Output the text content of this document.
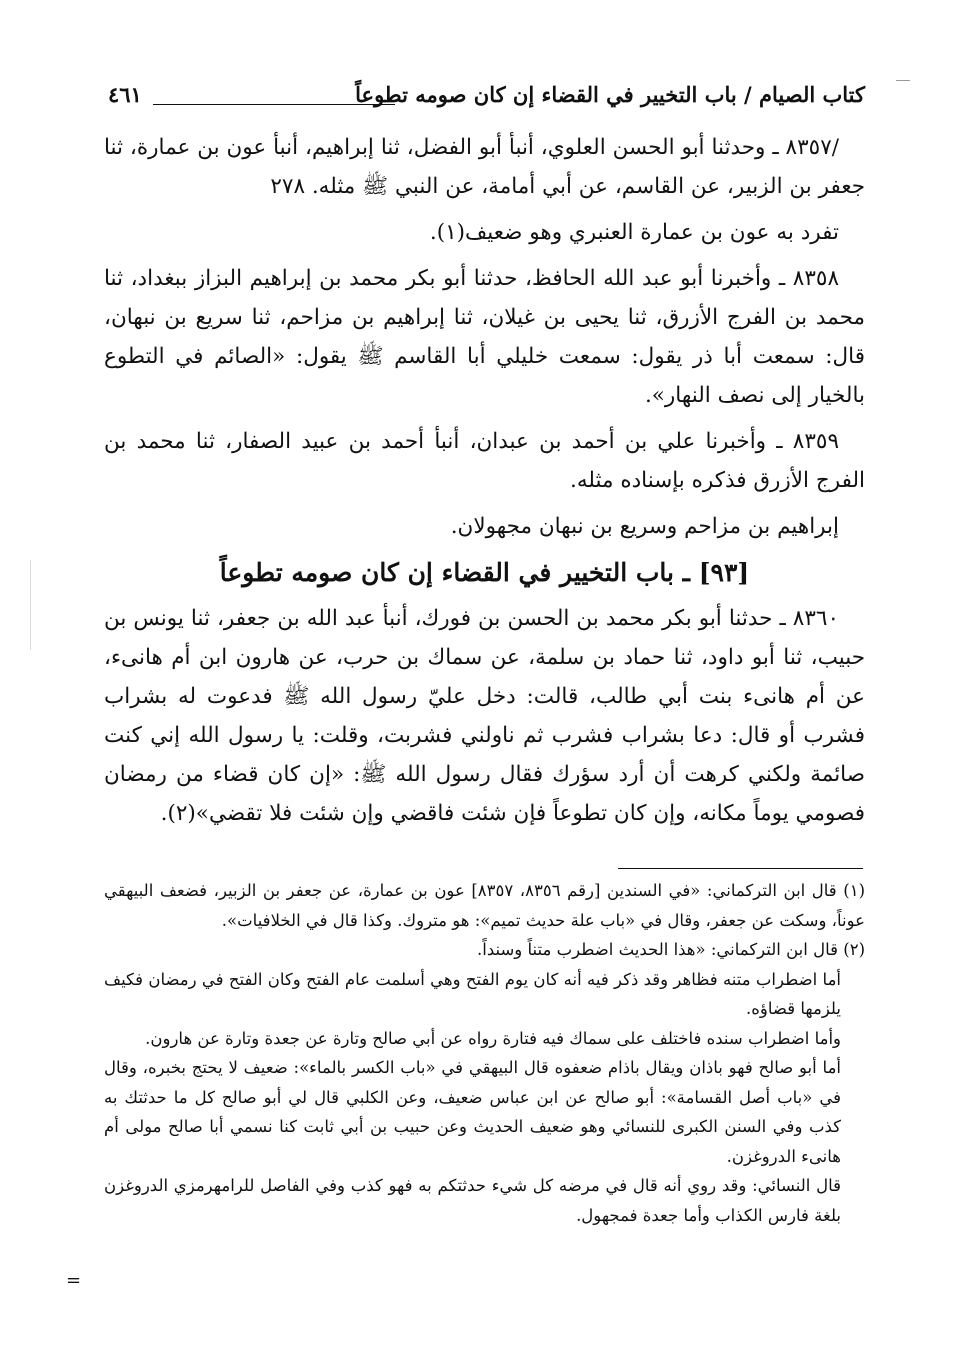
كتاب الصيام / باب التخيير في القضاء إن كان صومه تطوعاً
٤٦١

/٨٣٥٧ ـ وحدثنا أبو الحسن العلوي، أنبأ أبو الفضل، ثنا إبراهيم، أنبأ عون بن عمارة، ثنا جعفر بن الزبير، عن القاسم، عن أبي أمامة، عن النبي ﷺ مثله. ٢٧٨

تفرد به عون بن عمارة العنبري وهو ضعيف(١).

٨٣٥٨ ـ وأخبرنا أبو عبد الله الحافظ، حدثنا أبو بكر محمد بن إبراهيم البزاز ببغداد، ثنا محمد بن الفرج الأزرق، ثنا يحيى بن غيلان، ثنا إبراهيم بن مزاحم، ثنا سريع بن نبهان، قال: سمعت أبا ذر يقول: سمعت خليلي أبا القاسم ﷺ يقول: «الصائم في التطوع بالخيار إلى نصف النهار».

٨٣٥٩ ـ وأخبرنا علي بن أحمد بن عبدان، أنبأ أحمد بن عبيد الصفار، ثنا محمد بن الفرج الأزرق فذكره بإسناده مثله.

إبراهيم بن مزاحم وسريع بن نبهان مجهولان.

[٩٣] ـ باب التخيير في القضاء إن كان صومه تطوعاً

٨٣٦٠ ـ حدثنا أبو بكر محمد بن الحسن بن فورك، أنبأ عبد الله بن جعفر، ثنا يونس بن حبيب، ثنا أبو داود، ثنا حماد بن سلمة، عن سماك بن حرب، عن هارون ابن أم هانىء، عن أم هانىء بنت أبي طالب، قالت: دخل عليّ رسول الله ﷺ فدعوت له بشراب فشرب أو قال: دعا بشراب فشرب ثم ناولني فشربت، وقلت: يا رسول الله إني كنت صائمة ولكني كرهت أن أرد سؤرك فقال رسول الله ﷺ: «إن كان قضاء من رمضان فصومي يوماً مكانه، وإن كان تطوعاً فإن شئت فاقضي وإن شئت فلا تقضي»(٢).

(١) قال ابن التركماني: «في السندين [رقم ٨٣٥٦، ٨٣٥٧] عون بن عمارة، عن جعفر بن الزبير، فضعف البيهقي عوناً، وسكت عن جعفر، وقال في «باب علة حديث تميم»: هو متروك. وكذا قال في الخلافيات».

(٢) قال ابن التركماني: «هذا الحديث اضطرب متناً وسنداً.

أما اضطراب متنه فظاهر وقد ذكر فيه أنه كان يوم الفتح وهي أسلمت عام الفتح وكان الفتح في رمضان فكيف يلزمها قضاؤه.

وأما اضطراب سنده فاختلف على سماك فيه فتارة رواه عن أبي صالح وتارة عن جعدة وتارة عن هارون.

أما أبو صالح فهو باذان ويقال باذام ضعفوه قال البيهقي في «باب الكسر بالماء»: ضعيف لا يحتج بخبره، وقال في «باب أصل القسامة»: أبو صالح عن ابن عباس ضعيف، وعن الكلبي قال لي أبو صالح كل ما حدثتك به كذب وفي السنن الكبرى للنسائي وهو ضعيف الحديث وعن حبيب بن أبي ثابت كنا نسمي أبا صالح مولى أم هانىء الدروغزن.

قال النسائي: وقد روي أنه قال في مرضه كل شيء حدثتكم به فهو كذب وفي الفاصل للرامهرمزي الدروغزن بلغة فارس الكذاب وأما جعدة فمجهول.

=
